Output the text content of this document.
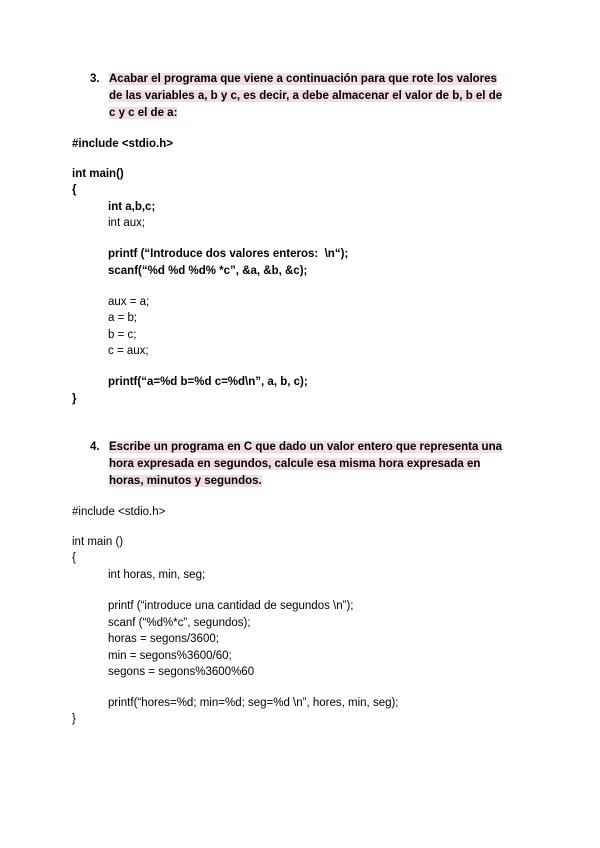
3. Acabar el programa que viene a continuación para que rote los valores
de las variables a, b y c, es decir, a debe almacenar el valor de b, b el de
c y c el de a:
#include <stdio.h>
int main()
{
int a,b,c;
int aux;
printf (“Introduce dos valores enteros:  \n“);
scanf(“%d %d %d% *c”, &a, &b, &c);
aux = a;
a = b;
b = c;
c = aux;
printf(“a=%d b=%d c=%d\n”, a, b, c);
}
4. Escribe un programa en C que dado un valor entero que representa una
hora expresada en segundos, calcule esa misma hora expresada en
horas, minutos y segundos.
#include <stdio.h>
int main ()
{
int horas, min, seg;
printf (“introduce una cantidad de segundos \n”);
scanf (“%d%*c”, segundos);
horas = segons/3600;
min = segons%3600/60;
segons = segons%3600%60
printf(“hores=%d; min=%d; seg=%d \n”, hores, min, seg);
}
